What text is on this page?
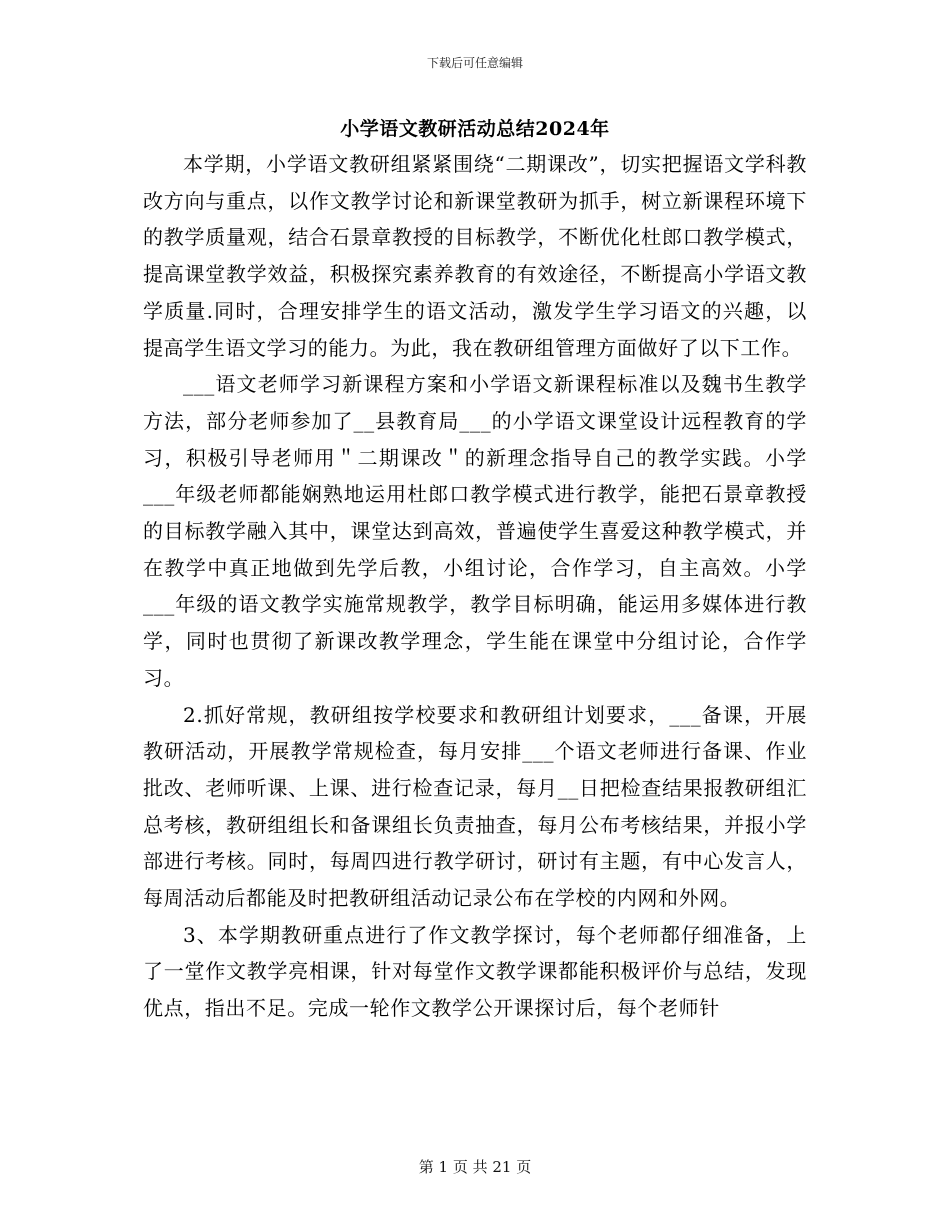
下载后可任意编辑
小学语文教研活动总结2024年

本学期，小学语文教研组紧紧围绕“二期课改”，切实把握语文学科教改方向与重点，以作文教学讨论和新课堂教研为抓手，树立新课程环境下的教学质量观，结合石景章教授的目标教学，不断优化杜郎口教学模式，提高课堂教学效益，积极探究素养教育的有效途径，不断提高小学语文教学质量.同时，合理安排学生的语文活动，激发学生学习语文的兴趣，以提高学生语文学习的能力。为此，我在教研组管理方面做好了以下工作。

___语文老师学习新课程方案和小学语文新课程标准以及魏书生教学方法，部分老师参加了__县教育局___的小学语文课堂设计远程教育的学习，积极引导老师用＂二期课改＂的新理念指导自己的教学实践。小学___年级老师都能娴熟地运用杜郎口教学模式进行教学，能把石景章教授的目标教学融入其中，课堂达到高效，普遍使学生喜爱这种教学模式，并在教学中真正地做到先学后教，小组讨论，合作学习，自主高效。小学___年级的语文教学实施常规教学，教学目标明确，能运用多媒体进行教学，同时也贯彻了新课改教学理念，学生能在课堂中分组讨论，合作学习。

2.抓好常规，教研组按学校要求和教研组计划要求，___备课，开展教研活动，开展教学常规检查，每月安排___个语文老师进行备课、作业批改、老师听课、上课、进行检查记录，每月__日把检查结果报教研组汇总考核，教研组组长和备课组长负责抽查，每月公布考核结果，并报小学部进行考核。同时，每周四进行教学研讨，研讨有主题，有中心发言人，每周活动后都能及时把教研组活动记录公布在学校的内网和外网。

3、本学期教研重点进行了作文教学探讨，每个老师都仔细准备，上了一堂作文教学亮相课，针对每堂作文教学课都能积极评价与总结，发现优点，指出不足。完成一轮作文教学公开课探讨后，每个老师针

第 1 页 共 21 页
